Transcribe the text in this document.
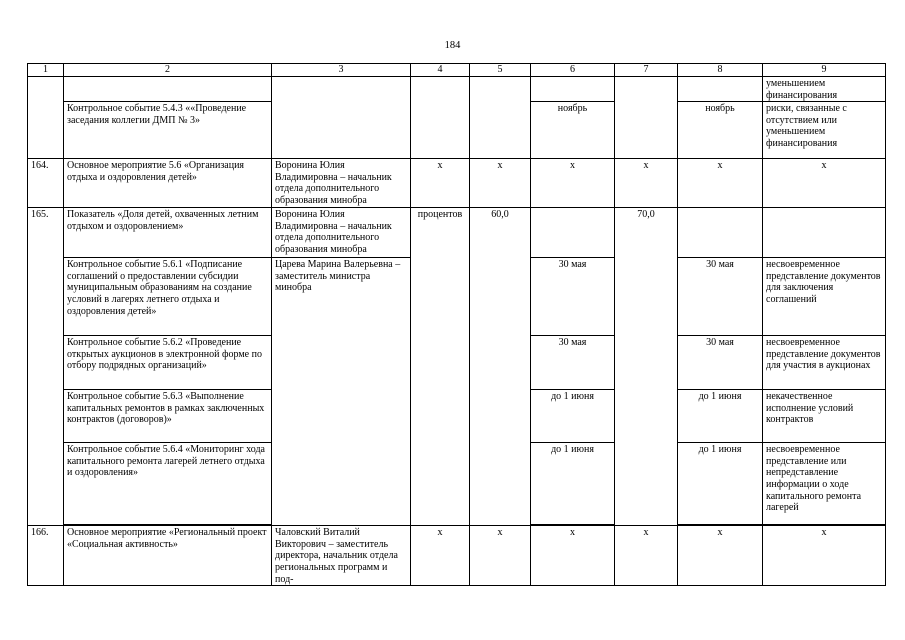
184
1	2	3	4	5	6	7	8	9
								уменьшением финансирования
	Контрольное событие 5.4.3 ««Проведение заседания коллегии ДМП № 3»				ноябрь		ноябрь	риски, связанные с отсутствием или уменьшением финансирования
164.	Основное мероприятие 5.6 «Организация отдыха и оздоровления детей»	Воронина Юлия Владимировна – начальник отдела дополнительного образования минобра	х	х	х	х	х	х
165.	Показатель «Доля детей, охваченных летним отдыхом и оздоровлением»	Воронина Юлия Владимировна – начальник отдела дополнительного образования минобра	процентов	60,0		70,0		
	Контрольное событие 5.6.1 «Подписание соглашений о предоставлении субсидии муниципальным образованиям на создание условий в лагерях летнего отдыха и оздоровления детей»	Царева Марина Валерьевна – заместитель министра минобра			30 мая		30 мая	несвоевременное представление документов для заключения соглашений
	Контрольное событие 5.6.2 «Проведение открытых аукционов в электронной форме по отбору подрядных организаций»				30 мая		30 мая	несвоевременное представление документов для участия в аукционах
	Контрольное событие 5.6.3 «Выполнение капитальных ремонтов в рамках заключенных контрактов (договоров)»				до 1 июня		до 1 июня	некачественное исполнение условий контрактов
	Контрольное событие 5.6.4 «Мониторинг хода капитального ремонта лагерей летнего отдыха и оздоровления»				до 1 июня		до 1 июня	несвоевременное представление или непредставление информации о ходе капитального ремонта лагерей

166.	Основное мероприятие «Региональный проект «Социальная активность»	Чаловский Виталий Викторович – заместитель директора, начальник отдела региональных программ и под-	х	х	х	х	х	х
